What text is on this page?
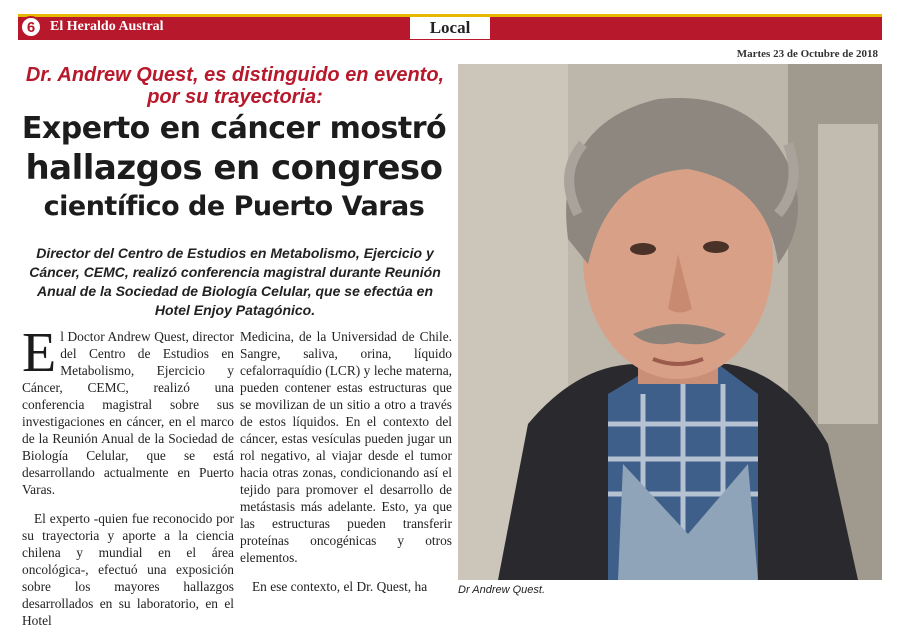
6	El Heraldo Austral	Local
Martes 23 de Octubre de 2018
Dr. Andrew Quest, es distinguido en evento, por su trayectoria:
Experto en cáncer mostró
hallazgos en congreso
científico de Puerto Varas
Director del Centro de Estudios en Metabolismo, Ejercicio y Cáncer, CEMC, realizó conferencia magistral durante Reunión Anual de la Sociedad de Biología Celular, que se efectúa en Hotel Enjoy Patagónico.

El Doctor Andrew Quest, director del Centro de Estudios en Metabolismo, Ejercicio y Cáncer, CEMC, realizó una conferencia magistral sobre sus investigaciones en cáncer, en el marco de la Reunión Anual de la Sociedad de Biología Celular, que se está desarrollando actualmente en Puerto Varas.

El experto -quien fue reconocido por su trayectoria y aporte a la ciencia chilena y mundial en el área oncológica-, efectuó una exposición sobre los mayores hallazgos desarrollados en su laboratorio, en el Hotel

Medicina, de la Universidad de Chile. Sangre, saliva, orina, líquido cefalorraquídio (LCR) y leche materna, pueden contener estas estructuras que se movilizan de un sitio a otro a través de estos líquidos. En el contexto del cáncer, estas vesículas pueden jugar un rol negativo, al viajar desde el tumor hacia otras zonas, condicionando así el tejido para promover el desarrollo de metástasis más adelante. Esto, ya que las estructuras pueden transferir proteínas oncogénicas y otros elementos.

En ese contexto, el Dr. Quest, ha	Dr Andrew Quest.
